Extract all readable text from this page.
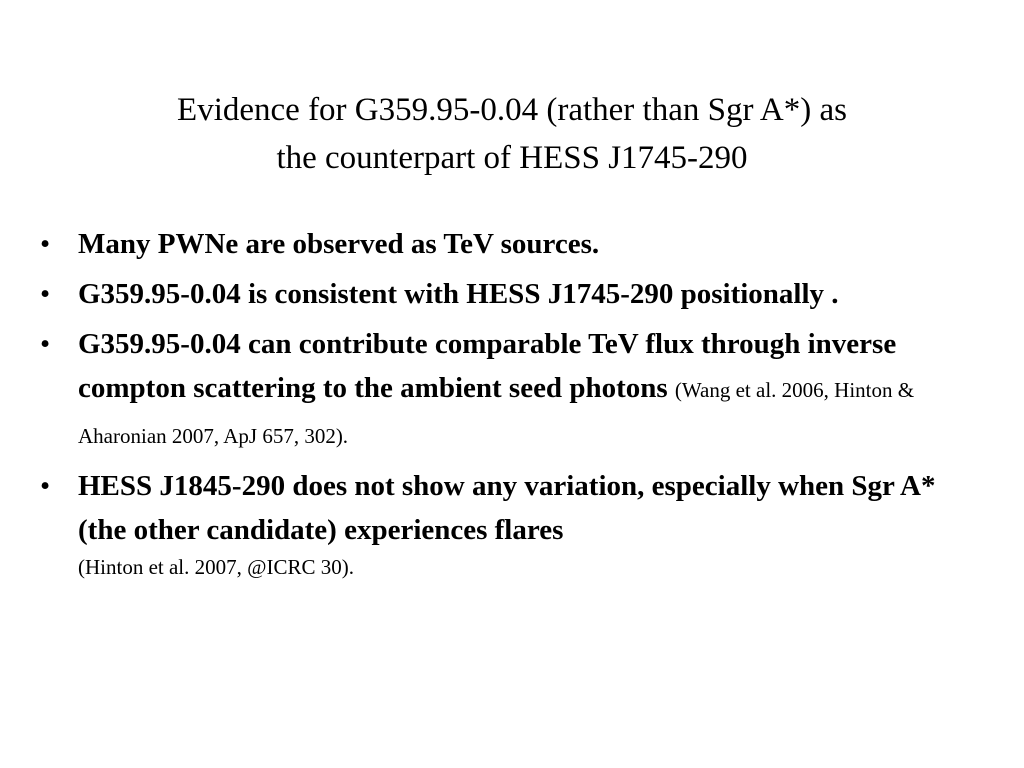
Evidence for G359.95-0.04 (rather than Sgr A*) as
the counterpart of HESS J1745-290
• Many PWNe are observed as TeV sources.
• G359.95-0.04 is consistent with HESS J1745-290 positionally .
• G359.95-0.04 can contribute comparable TeV flux through inverse compton scattering to the ambient seed photons (Wang et al. 2006, Hinton & Aharonian 2007, ApJ 657, 302).
• HESS J1845-290 does not show any variation, especially when Sgr A* (the other candidate) experiences flares
(Hinton et al. 2007, @ICRC 30).
